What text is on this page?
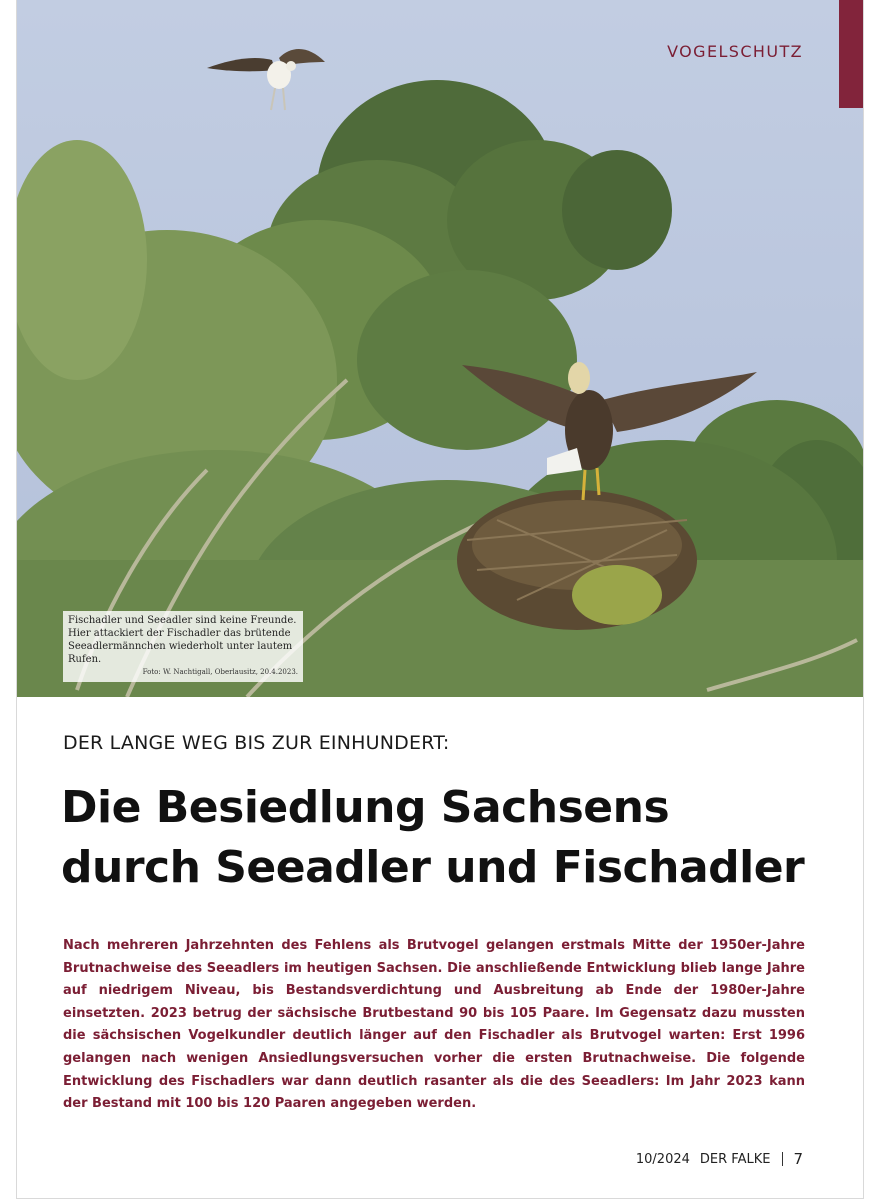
Fischadler und Seeadler sind keine Freunde. Hier attackiert der Fischadler das brütende Seeadlermännchen wiederholt unter lautem Rufen.
Foto: W. Nachtigall, Oberlausitz, 20.4.2023.
VOGELSCHUTZ
DER LANGE WEG BIS ZUR EINHUNDERT:
Die Besiedlung Sachsens
durch Seeadler und Fischadler

Nach mehreren Jahrzehnten des Fehlens als Brutvogel gelangen erstmals Mitte der 1950er-Jahre Brutnachweise des Seeadlers im heutigen Sachsen. Die anschließende Entwicklung blieb lange Jahre auf niedrigem Niveau, bis Bestandsverdichtung und Ausbreitung ab Ende der 1980er-Jahre einsetzten. 2023 betrug der sächsische Brutbestand 90 bis 105 Paare. Im Gegensatz dazu mussten die sächsischen Vogelkundler deutlich länger auf den Fischadler als Brutvogel warten: Erst 1996 gelangen nach wenigen Ansiedlungsversuchen vorher die ersten Brutnachweise. Die folgende Entwicklung des Fischadlers war dann deutlich rasanter als die des Seeadlers: Im Jahr 2023 kann der Bestand mit 100 bis 120 Paaren angegeben werden.

10/2024 DER FALKE 7
